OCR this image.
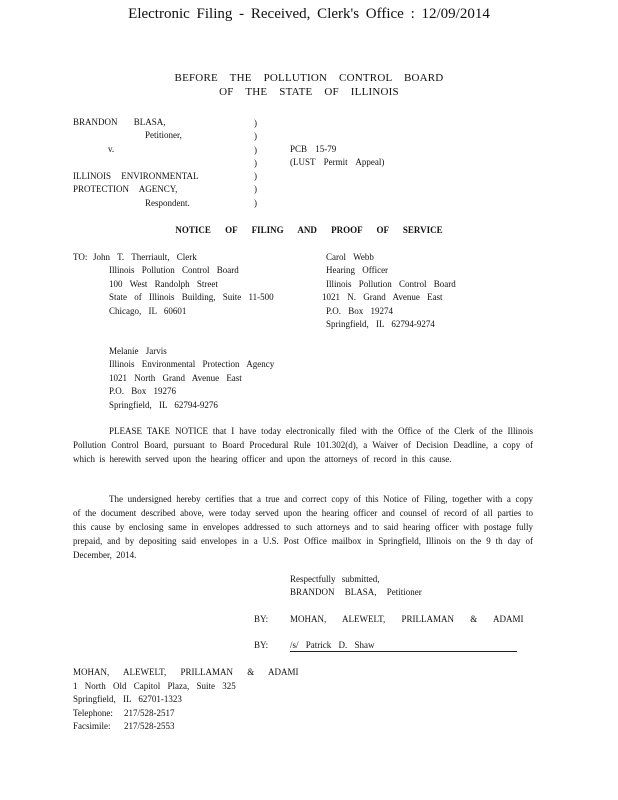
Electronic Filing - Received, Clerk's Office : 12/09/2014
BEFORE THE POLLUTION CONTROL BOARD
OF THE STATE OF ILLINOIS
BRANDON BLASA,
Petitioner,
v.
ILLINOIS ENVIRONMENTAL
PROTECTION AGENCY,
Respondent.
)
)
)
)
)
)
)
PCB 15-79
(LUST Permit Appeal)
NOTICE OF FILING AND PROOF OF SERVICE
TO: John T. Therriault, Clerk
Illinois Pollution Control Board
100 West Randolph Street
State of Illinois Building, Suite 11-500
Chicago, IL 60601
Carol Webb
Hearing Officer
Illinois Pollution Control Board
1021 N. Grand Avenue East
P.O. Box 19274
Springfield, IL 62794-9274
Melanie Jarvis
Illinois Environmental Protection Agency
1021 North Grand Avenue East
P.O. Box 19276
Springfield, IL 62794-9276
PLEASE TAKE NOTICE that I have today electronically filed with the Office of the Clerk of the Illinois Pollution Control Board, pursuant to Board Procedural Rule 101.302(d), a Waiver of Decision Deadline, a copy of which is herewith served upon the hearing officer and upon the attorneys of record in this cause.
The undersigned hereby certifies that a true and correct copy of this Notice of Filing, together with a copy of the document described above, were today served upon the hearing officer and counsel of record of all parties to this cause by enclosing same in envelopes addressed to such attorneys and to said hearing officer with postage fully prepaid, and by depositing said envelopes in a U.S. Post Office mailbox in Springfield, Illinois on the 9 th day of December, 2014.
Respectfully submitted,
BRANDON BLASA, Petitioner
BY: MOHAN, ALEWELT, PRILLAMAN & ADAMI
BY: /s/ Patrick D. Shaw
MOHAN, ALEWELT, PRILLAMAN & ADAMI
1 North Old Capitol Plaza, Suite 325
Springfield, IL 62701-1323
Telephone: 217/528-2517
Facsimile: 217/528-2553
